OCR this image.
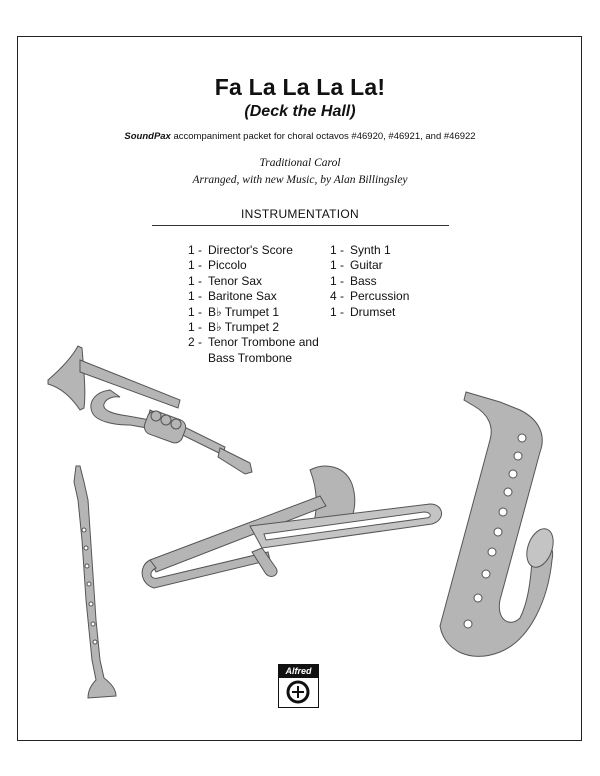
Fa La La La La!
(Deck the Hall)
SoundPax accompaniment packet for choral octavos #46920, #46921, and #46922
Traditional Carol
Arranged, with new Music, by Alan Billingsley
INSTRUMENTATION
1 - Director's Score
1 - Piccolo
1 - Tenor Sax
1 - Baritone Sax
1 - B♭ Trumpet 1
1 - B♭ Trumpet 2
2 - Tenor Trombone and
Bass Trombone
1 - Synth 1
1 - Guitar
1 - Bass
4 - Percussion
1 - Drumset
Alfred
